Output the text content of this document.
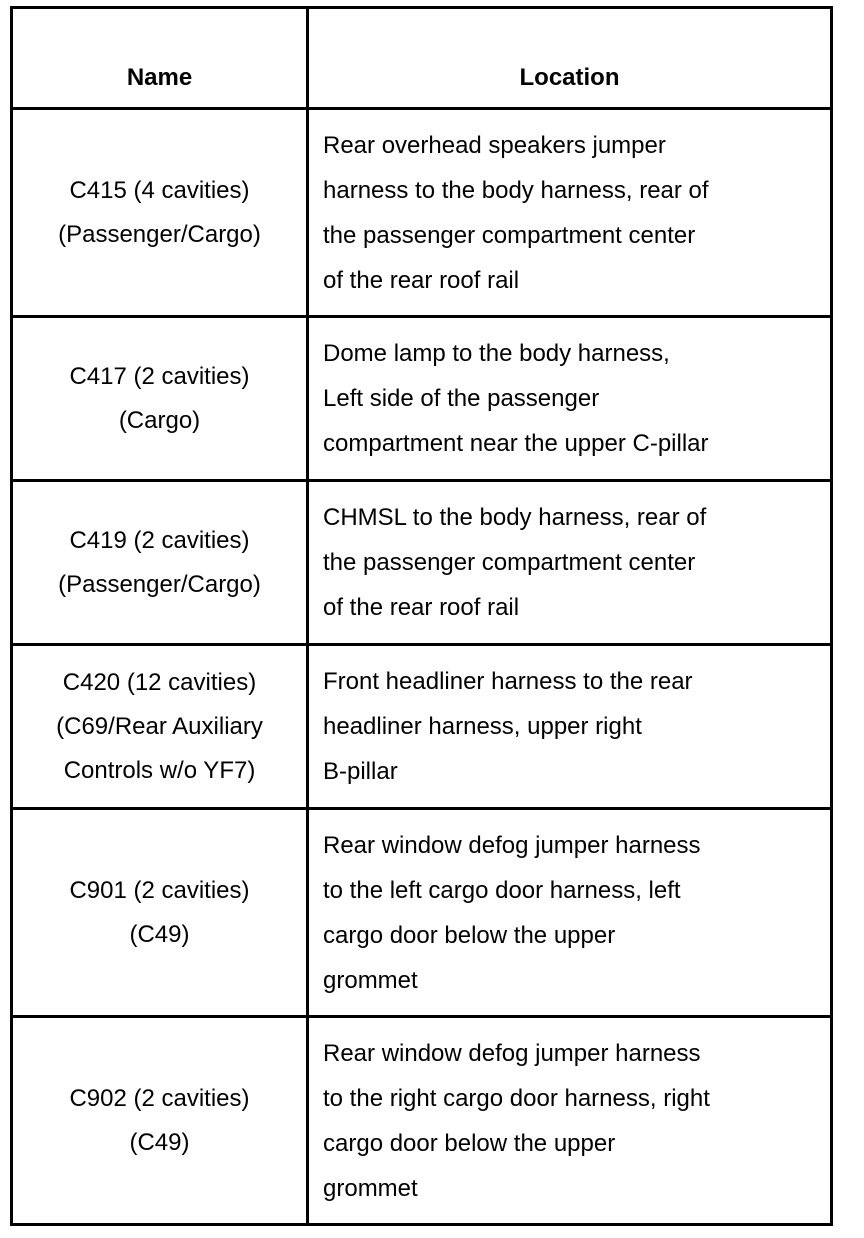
Name	Location

C415 (4 cavities)
(Passenger/Cargo)	Rear overhead speakers jumper
harness to the body harness, rear of
the passenger compartment center
of the rear roof rail

C417 (2 cavities)
(Cargo)	Dome lamp to the body harness,
Left side of the passenger
compartment near the upper C-pillar

C419 (2 cavities)
(Passenger/Cargo)	CHMSL to the body harness, rear of
the passenger compartment center
of the rear roof rail

C420 (12 cavities)
(C69/Rear Auxiliary
Controls w/o YF7)	Front headliner harness to the rear
headliner harness, upper right
B-pillar

C901 (2 cavities)
(C49)	Rear window defog jumper harness
to the left cargo door harness, left
cargo door below the upper
grommet

C902 (2 cavities)
(C49)	Rear window defog jumper harness
to the right cargo door harness, right
cargo door below the upper
grommet
